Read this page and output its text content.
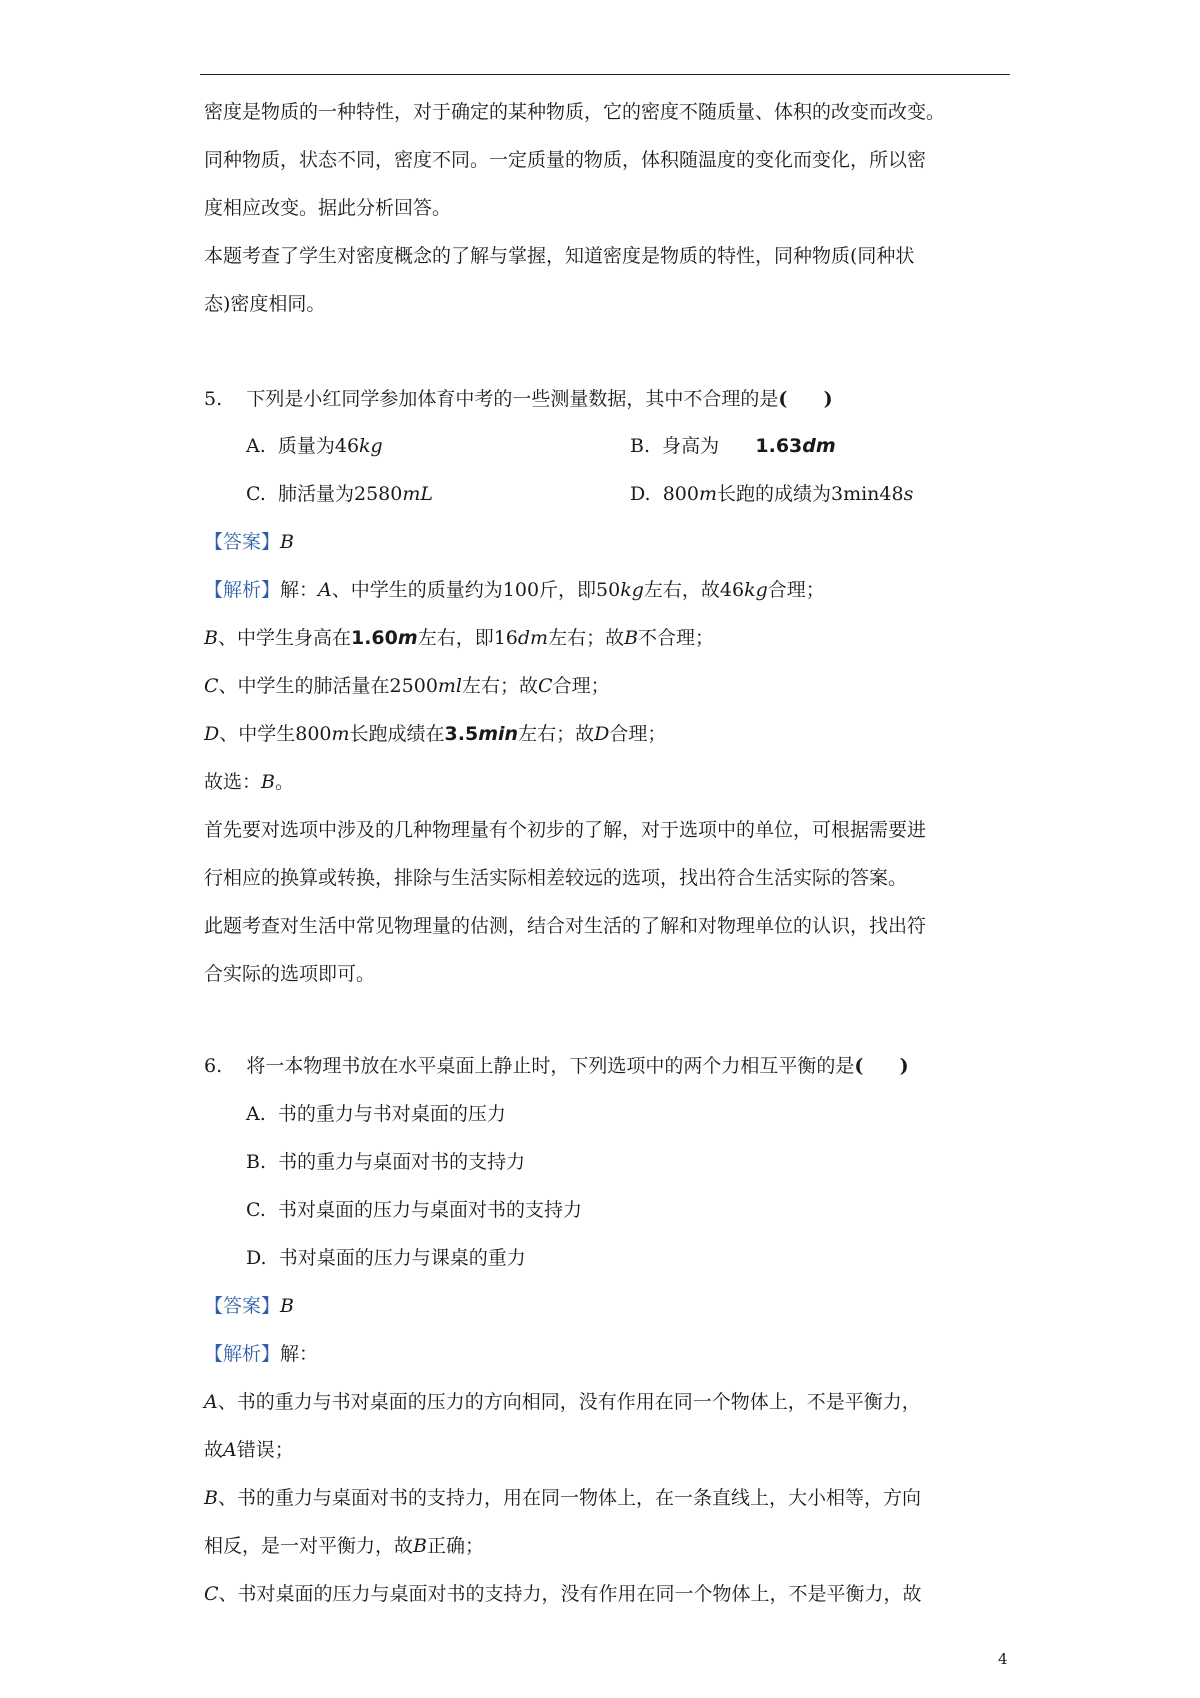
密度是物质的一种特性，对于确定的某种物质，它的密度不随质量、体积的改变而改变。
同种物质，状态不同，密度不同。一定质量的物质，体积随温度的变化而变化，所以密
度相应改变。据此分析回答。
本题考查了学生对密度概念的了解与掌握，知道密度是物质的特性，同种物质(同种状
态)密度相同。
5. 下列是小红同学参加体育中考的一些测量数据，其中不合理的是( )
A. 质量为46kg	B. 身高为 1.63dm
C. 肺活量为2580mL	D. 800m长跑的成绩为3min48s
【答案】B
【解析】解：A、中学生的质量约为100斤，即50kg左右，故46kg合理；
B、中学生身高在1.60m左右，即16dm左右；故B不合理；
C、中学生的肺活量在2500ml左右；故C合理；
D、中学生800m长跑成绩在3.5min左右；故D合理；
故选：B。
首先要对选项中涉及的几种物理量有个初步的了解，对于选项中的单位，可根据需要进
行相应的换算或转换，排除与生活实际相差较远的选项，找出符合生活实际的答案。
此题考查对生活中常见物理量的估测，结合对生活的了解和对物理单位的认识，找出符
合实际的选项即可。
6. 将一本物理书放在水平桌面上静止时，下列选项中的两个力相互平衡的是( )
A. 书的重力与书对桌面的压力
B. 书的重力与桌面对书的支持力
C. 书对桌面的压力与桌面对书的支持力
D. 书对桌面的压力与课桌的重力
【答案】B
【解析】解：
A、书的重力与书对桌面的压力的方向相同，没有作用在同一个物体上，不是平衡力，
故A错误；
B、书的重力与桌面对书的支持力，用在同一物体上，在一条直线上，大小相等，方向
相反，是一对平衡力，故B正确；
C、书对桌面的压力与桌面对书的支持力，没有作用在同一个物体上，不是平衡力，故
4
